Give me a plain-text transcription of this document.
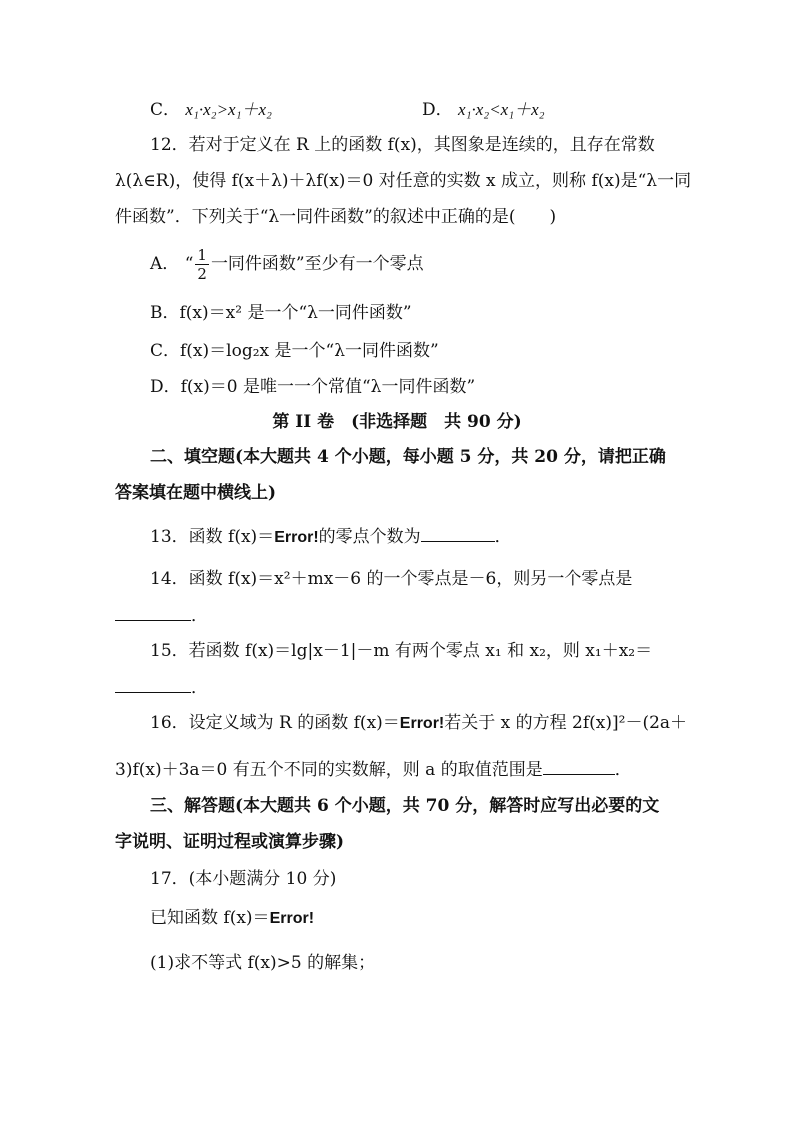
C． x₁·x₂>x₁＋x₂	D． x₁·x₂<x₁＋x₂
12．若对于定义在 R 上的函数 f(x)，其图象是连续的，且存在常数
λ(λ∈R)，使得 f(x＋λ)＋λf(x)＝0 对任意的实数 x 成立，则称 f(x)是“λ一同
件函数”．下列关于“λ一同件函数”的叙述中正确的是( )
A． “ $\frac{1}{2}$ 一同件函数”至少有一个零点
B．f(x)＝x² 是一个“λ一同件函数”
C．f(x)＝log₂x 是一个“λ一同件函数”
D．f(x)＝0 是唯一一个常值“λ一同件函数”
第 II 卷　(非选择题　共 90 分)
二、填空题(本大题共 4 个小题，每小题 5 分，共 20 分，请把正确
答案填在题中横线上)
13．函数 f(x)＝Error!的零点个数为	．
14．函数 f(x)＝x²＋mx－6 的一个零点是－6，则另一个零点是
．
15．若函数 f(x)＝lg|x－1|－m 有两个零点 x₁ 和 x₂，则 x₁＋x₂＝
．
16．设定义域为 R 的函数 f(x)＝Error!若关于 x 的方程 2f(x)]²－(2a＋
3)f(x)＋3a＝0 有五个不同的实数解，则 a 的取值范围是	．
三、解答题(本大题共 6 个小题，共 70 分，解答时应写出必要的文
字说明、证明过程或演算步骤)
17．(本小题满分 10 分)
已知函数 f(x)＝Error!
(1)求不等式 f(x)>5 的解集；
